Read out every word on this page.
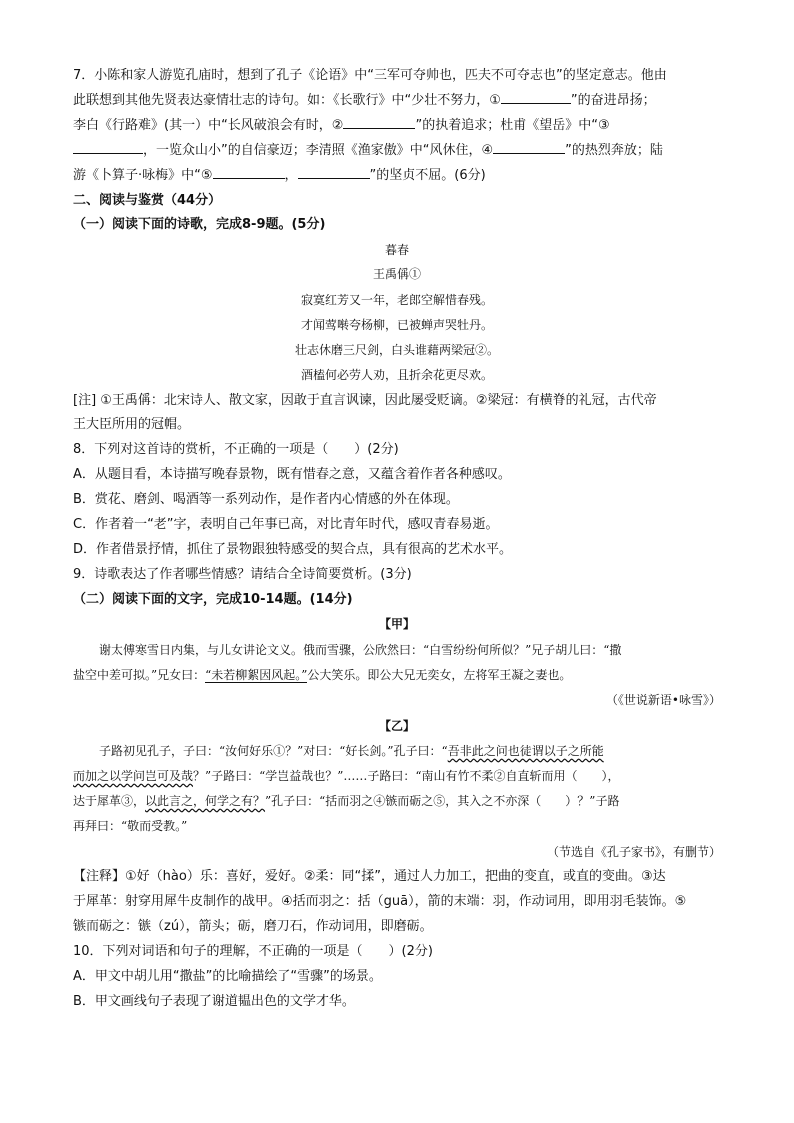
7．小陈和家人游览孔庙时，想到了孔子《论语》中“三军可夺帅也，匹夫不可夺志也”的坚定意志。他由

此联想到其他先贤表达豪情壮志的诗句。如：《长歌行》中“少壮不努力，①	”的奋进昂扬；

李白《行路难》(其一）中“长风破浪会有时，②	”的执着追求；杜甫《望岳》中“③

，一览众山小”的自信豪迈；李清照《渔家傲》中“风休住，④	”的热烈奔放；陆

游《卜算子·咏梅》中“⑤	，	”的坚贞不屈。(6分)

二、阅读与鉴赏（44分）

（一）阅读下面的诗歌，完成8-9题。(5分)

暮春
王禹偁①
寂寞红芳又一年，老郎空解惜春残。
才闻莺啭夸杨柳，已被蝉声哭牡丹。
壮志休磨三尺剑，白头谁藉两梁冠②。
酒榼何必劳人劝，且折余花更尽欢。

[注] ①王禹偁：北宋诗人、散文家，因敢于直言讽谏，因此屡受贬谪。②梁冠：有横脊的礼冠，古代帝

王大臣所用的冠帽。

8．下列对这首诗的赏析，不正确的一项是（　　）(2分)

A．从题目看，本诗描写晚春景物，既有惜春之意，又蕴含着作者各种感叹。

B．赏花、磨剑、喝酒等一系列动作，是作者内心情感的外在体现。

C．作者着一“老”字，表明自己年事已高，对比青年时代，感叹青春易逝。

D．作者借景抒情，抓住了景物跟独特感受的契合点，具有很高的艺术水平。

9．诗歌表达了作者哪些情感？请结合全诗简要赏析。(3分)

（二）阅读下面的文字，完成10-14题。(14分)

【甲】

谢太傅寒雪日内集，与儿女讲论文义。俄而雪骤，公欣然曰：“白雪纷纷何所似？”兄子胡儿曰：“撒

盐空中差可拟。”兄女曰：“未若柳絮因风起。”公大笑乐。即公大兄无奕女，左将军王凝之妻也。

（《世说新语•咏雪》）

【乙】

子路初见孔子，子曰：“汝何好乐①？”对曰：“好长剑。”孔子曰：“吾非此之问也徒谓以子之所能

而加之以学问岂可及哉？”子路曰：“学岂益哉也？”……子路曰：“南山有竹不柔②自直斩而用（　　），

达于犀革③，以此言之，何学之有？”孔子曰：“括而羽之④镞而砺之⑤，其入之不亦深（　　）？”子路

再拜曰：“敬而受教。”

（节选自《孔子家书》，有删节）

【注释】①好（hào）乐：喜好，爱好。②柔：同“揉”，通过人力加工，把曲的变直，或直的变曲。③达

于犀革：射穿用犀牛皮制作的战甲。④括而羽之：括（guā），箭的末端：羽，作动词用，即用羽毛装饰。⑤

镞而砺之：镞（zú），箭头；砺，磨刀石，作动词用，即磨砺。

10．下列对词语和句子的理解，不正确的一项是（　　）(2分)

A．甲文中胡儿用“撒盐”的比喻描绘了“雪骤”的场景。

B．甲文画线句子表现了谢道韫出色的文学才华。
